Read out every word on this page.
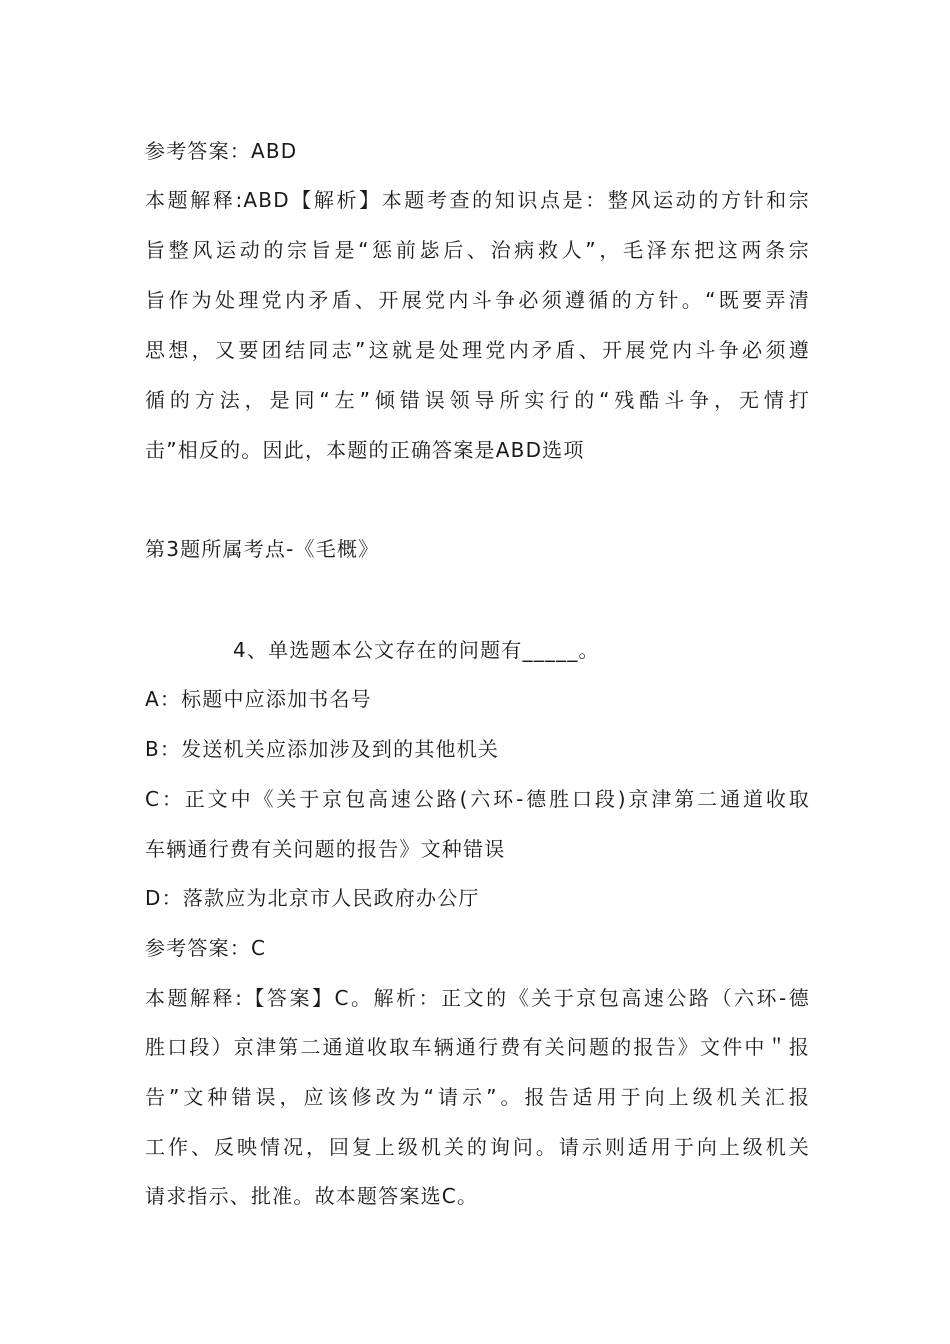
参考答案：ABD
本题解释:ABD【解析】本题考查的知识点是：整风运动的方针和宗
旨整风运动的宗旨是“惩前毖后、治病救人”，毛泽东把这两条宗
旨作为处理党内矛盾、开展党内斗争必须遵循的方针。“既要弄清
思想，又要团结同志”这就是处理党内矛盾、开展党内斗争必须遵
循的方法，是同“左”倾错误领导所实行的“残酷斗争，无情打
击”相反的。因此，本题的正确答案是ABD选项
第3题所属考点-《毛概》
4、单选题本公文存在的问题有_____。
A：标题中应添加书名号
B：发送机关应添加涉及到的其他机关
C：正文中《关于京包高速公路(六环-德胜口段)京津第二通道收取
车辆通行费有关问题的报告》文种错误
D：落款应为北京市人民政府办公厅
参考答案：C
本题解释:【答案】C。解析：正文的《关于京包高速公路（六环-德
胜口段）京津第二通道收取车辆通行费有关问题的报告》文件中＂报
告”文种错误，应该修改为“请示”。报告适用于向上级机关汇报
工作、反映情况，回复上级机关的询问。请示则适用于向上级机关
请求指示、批准。故本题答案选C。
